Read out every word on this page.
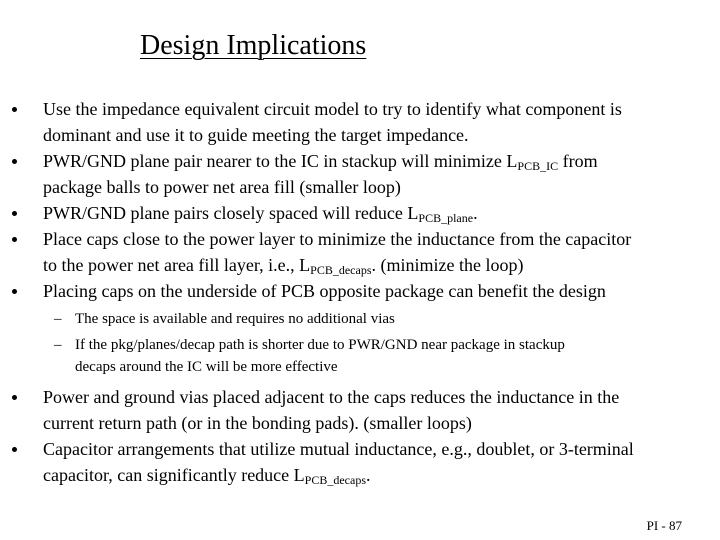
Design Implications
Use the impedance equivalent circuit model to try to identify what component is
dominant and use it to guide meeting the target impedance.
PWR/GND plane pair nearer to the IC in stackup will minimize $L_{PCB\_IC}$ from
package balls to power net area fill (smaller loop)
PWR/GND plane pairs closely spaced will reduce $L_{PCB\_plane}$.
Place caps close to the power layer to minimize the inductance from the capacitor
to the power net area fill layer, i.e., $L_{PCB\_decaps}$. (minimize the loop)
Placing caps on the underside of PCB opposite package can benefit the design
– The space is available and requires no additional vias
– If the pkg/planes/decap path is shorter due to PWR/GND near package in stackup
decaps around the IC will be more effective
Power and ground vias placed adjacent to the caps reduces the inductance in the
current return path (or in the bonding pads). (smaller loops)
Capacitor arrangements that utilize mutual inductance, e.g., doublet, or 3-terminal
capacitor, can significantly reduce $L_{PCB\_decaps}$.
PI - 87
